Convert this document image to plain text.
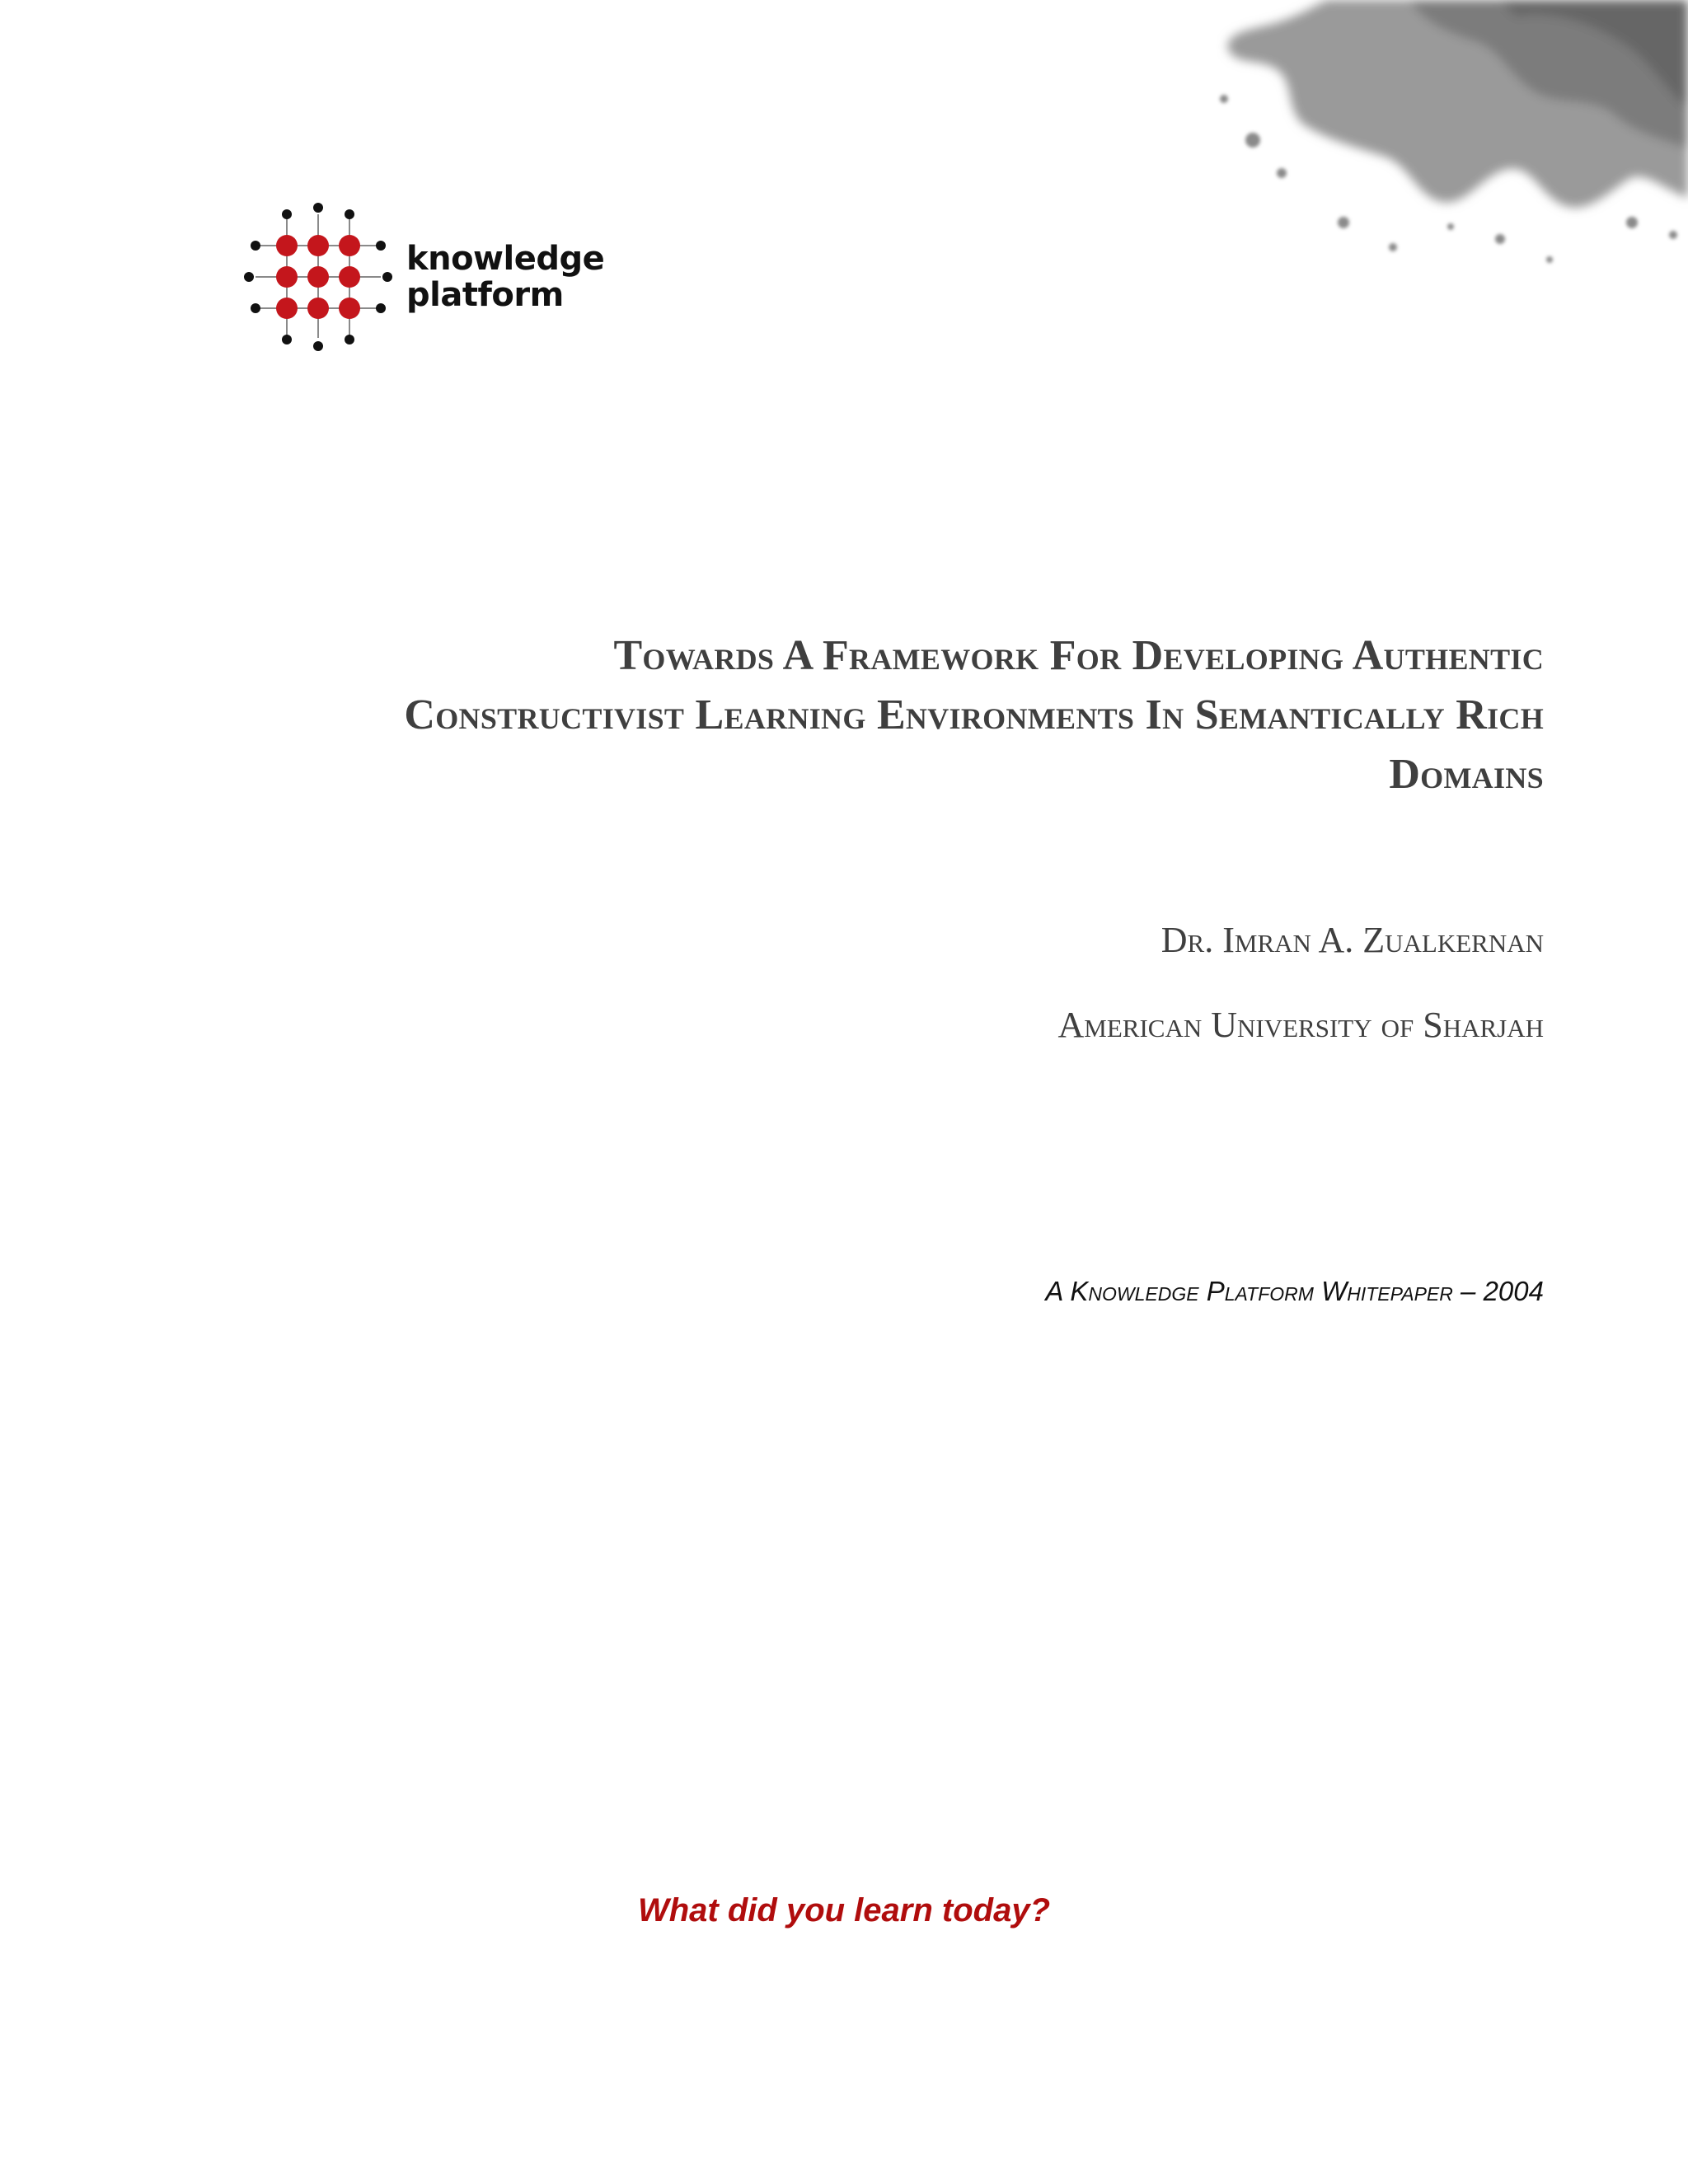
knowledge
platform
Towards A Framework For Developing Authentic
Constructivist Learning Environments In Semantically Rich
Domains
Dr. Imran A. Zualkernan
American University of Sharjah
A Knowledge Platform Whitepaper – 2004
What did you learn today?
